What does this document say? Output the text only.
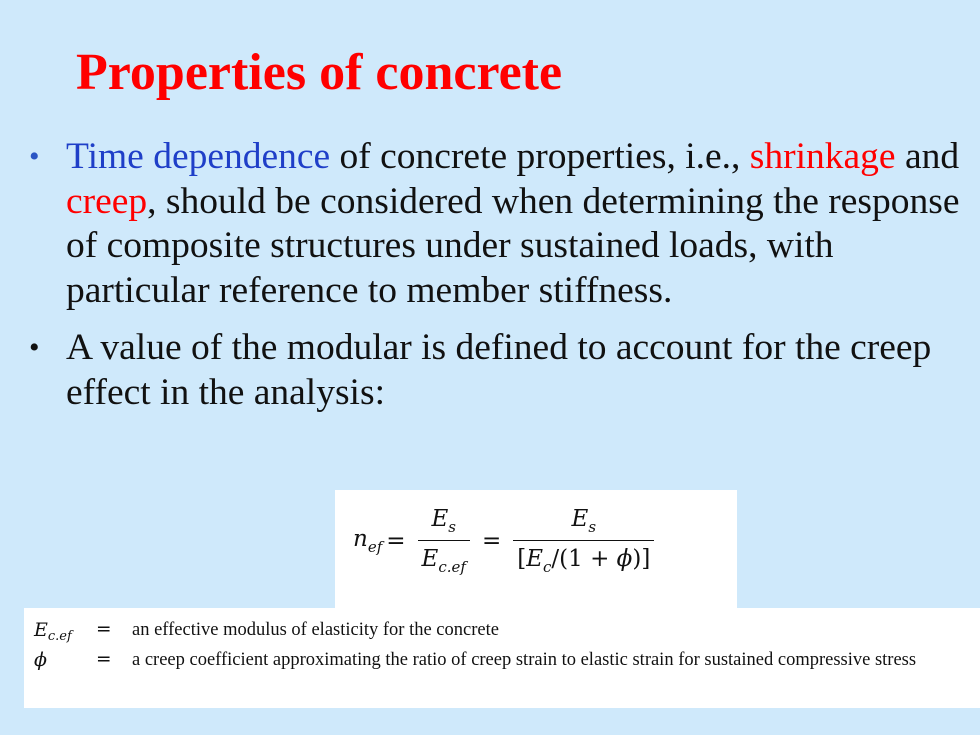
Properties of concrete
• Time dependence of concrete properties, i.e., shrinkage and creep, should be considered when determining the response of composite structures under sustained loads, with particular reference to member stiffness.
• A value of the modular is defined to account for the creep effect in the analysis:
$n_{ef} = \frac{E_s}{E_{c.ef}} = \frac{E_s}{[E_c/(1 + \phi)]}$
$E_{c.ef}$	=	an effective modulus of elasticity for the concrete
ϕ	=	a creep coefficient approximating the ratio of creep strain to elastic strain for sustained compressive stress
